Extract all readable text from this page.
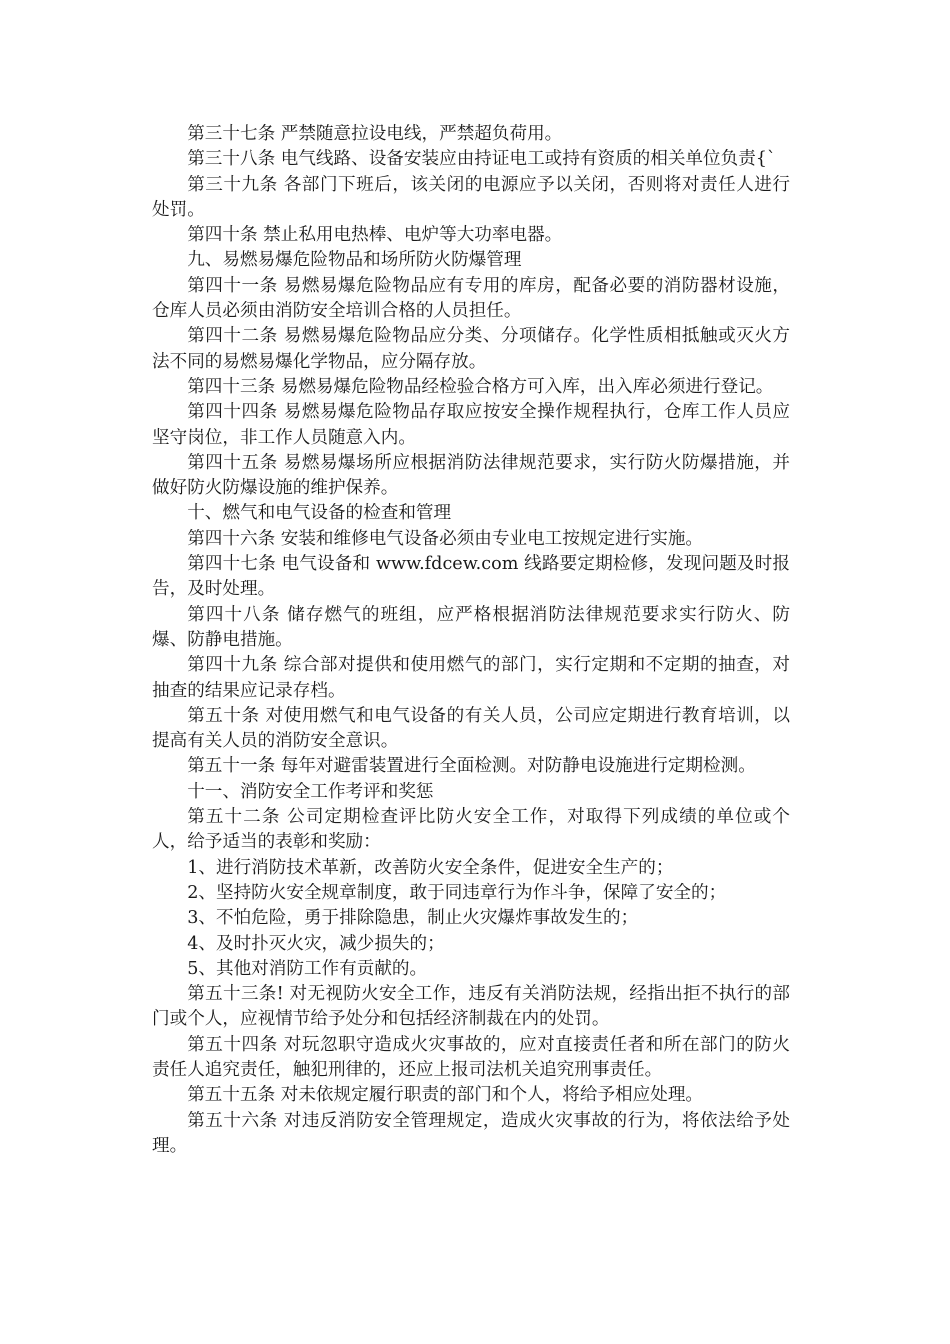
第三十七条 严禁随意拉设电线，严禁超负荷用。

第三十八条 电气线路、设备安装应由持证电工或持有资质的相关单位负责{`

第三十九条 各部门下班后，该关闭的电源应予以关闭，否则将对责任人进行处罚。

第四十条 禁止私用电热棒、电炉等大功率电器。

九、易燃易爆危险物品和场所防火防爆管理

第四十一条 易燃易爆危险物品应有专用的库房，配备必要的消防器材设施，仓库人员必须由消防安全培训合格的人员担任。

第四十二条 易燃易爆危险物品应分类、分项储存。化学性质相抵触或灭火方法不同的易燃易爆化学物品，应分隔存放。

第四十三条 易燃易爆危险物品经检验合格方可入库，出入库必须进行登记。

第四十四条 易燃易爆危险物品存取应按安全操作规程执行，仓库工作人员应坚守岗位，非工作人员随意入内。

第四十五条 易燃易爆场所应根据消防法律规范要求，实行防火防爆措施，并做好防火防爆设施的维护保养。

十、燃气和电气设备的检查和管理

第四十六条 安装和维修电气设备必须由专业电工按规定进行实施。

第四十七条 电气设备和 www.fdcew.com 线路要定期检修，发现问题及时报告，及时处理。

第四十八条 储存燃气的班组，应严格根据消防法律规范要求实行防火、防爆、防静电措施。

第四十九条 综合部对提供和使用燃气的部门，实行定期和不定期的抽查，对抽查的结果应记录存档。

第五十条 对使用燃气和电气设备的有关人员，公司应定期进行教育培训，以提高有关人员的消防安全意识。

第五十一条 每年对避雷装置进行全面检测。对防静电设施进行定期检测。

十一、消防安全工作考评和奖惩

第五十二条 公司定期检查评比防火安全工作，对取得下列成绩的单位或个人，给予适当的表彰和奖励：

1、进行消防技术革新，改善防火安全条件，促进安全生产的；

2、坚持防火安全规章制度，敢于同违章行为作斗争，保障了安全的；

3、不怕危险，勇于排除隐患，制止火灾爆炸事故发生的；

4、及时扑灭火灾，减少损失的；

5、其他对消防工作有贡献的。

第五十三条! 对无视防火安全工作，违反有关消防法规，经指出拒不执行的部门或个人，应视情节给予处分和包括经济制裁在内的处罚。

第五十四条 对玩忽职守造成火灾事故的，应对直接责任者和所在部门的防火责任人追究责任，触犯刑律的，还应上报司法机关追究刑事责任。

第五十五条 对未依规定履行职责的部门和个人，将给予相应处理。

第五十六条 对违反消防安全管理规定，造成火灾事故的行为，将依法给予处理。
